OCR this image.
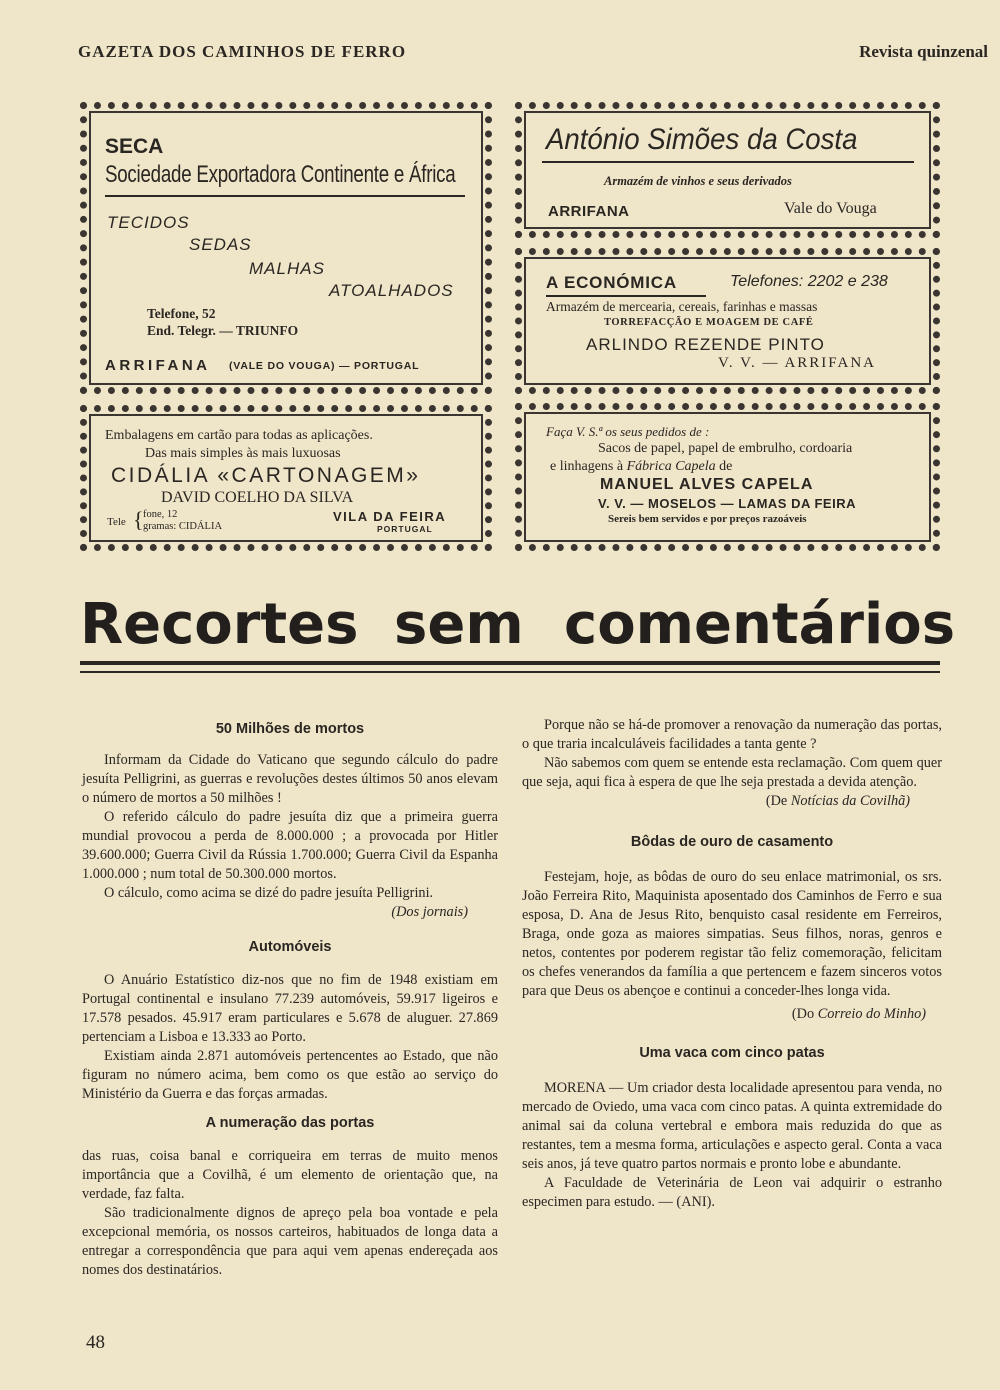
GAZETA DOS CAMINHOS DE FERRO	Revista quinzenal
SECA
Sociedade Exportadora Continente e África
TECIDOS
SEDAS
MALHAS
ATOALHADOS
Telefone, 52
End. Telegr. — TRIUNFO
ARRIFANA (VALE DO VOUGA) — PORTUGAL
Embalagens em cartão para todas as aplicações.
Das mais simples às mais luxuosas
CIDÁLIA «CARTONAGEM»
DAVID COELHO DA SILVA
Tele { fone, 12
gramas: CIDÁLIA
VILA DA FEIRA
PORTUGAL
António Simões da Costa
Armazém de vinhos e seus derivados
ARRIFANA	Vale do Vouga
A ECONÓMICA	Telefones: 2202 e 238
Armazém de mercearia, cereais, farinhas e massas
TORREFACÇÃO E MOAGEM DE CAFÉ
ARLINDO REZENDE PINTO
V. V. — ARRIFANA
Faça V. S.ª os seus pedidos de :
Sacos de papel, papel de embrulho, cordoaria
e linhagens à Fábrica Capela de
MANUEL ALVES CAPELA
V. V. — MOSELOS — LAMAS DA FEIRA
Sereis bem servidos e por preços razoáveis
Recortes sem comentários

50 Milhões de mortos

Informam da Cidade do Vaticano que segundo cálculo do padre jesuíta Pelligrini, as guerras e revoluções destes últimos 50 anos elevam o número de mortos a 50 milhões !

O referido cálculo do padre jesuíta diz que a primeira guerra mundial provocou a perda de 8.000.000 ; a provocada por Hitler 39.600.000; Guerra Civil da Rússia 1.700.000; Guerra Civil da Espanha 1.000.000 ; num total de 50.300.000 mortos.

O cálculo, como acima se dizé do padre jesuíta Pelligrini.

(Dos jornais)

Automóveis

O Anuário Estatístico diz-nos que no fim de 1948 existiam em Portugal continental e insulano 77.239 automóveis, 59.917 ligeiros e 17.578 pesados. 45.917 eram particulares e 5.678 de aluguer. 27.869 pertenciam a Lisboa e 13.333 ao Porto.

Existiam ainda 2.871 automóveis pertencentes ao Estado, que não figuram no número acima, bem como os que estão ao serviço do Ministério da Guerra e das forças armadas.

A numeração das portas

das ruas, coisa banal e corriqueira em terras de muito menos importância que a Covilhã, é um elemento de orientação que, na verdade, faz falta.

São tradicionalmente dignos de apreço pela boa vontade e pela excepcional memória, os nossos carteiros, habituados de longa data a entregar a correspondência que para aqui vem apenas endereçada aos nomes dos destinatários.

Porque não se há-de promover a renovação da numeração das portas, o que traria incalculáveis facilidades a tanta gente ?

Não sabemos com quem se entende esta reclamação. Com quem quer que seja, aqui fica à espera de que lhe seja prestada a devida atenção.

(De Notícias da Covilhã)

Bôdas de ouro de casamento

Festejam, hoje, as bôdas de ouro do seu enlace matrimonial, os srs. João Ferreira Rito, Maquinista aposentado dos Caminhos de Ferro e sua esposa, D. Ana de Jesus Rito, benquisto casal residente em Ferreiros, Braga, onde goza as maiores simpatias. Seus filhos, noras, genros e netos, contentes por poderem registar tão feliz comemoração, felicitam os chefes venerandos da família a que pertencem e fazem sinceros votos para que Deus os abençoe e continui a conceder-lhes longa vida.

(Do Correio do Minho)

Uma vaca com cinco patas

MORENA — Um criador desta localidade apresentou para venda, no mercado de Oviedo, uma vaca com cinco patas. A quinta extremidade do animal sai da coluna vertebral e embora mais reduzida do que as restantes, tem a mesma forma, articulações e aspecto geral. Conta a vaca seis anos, já teve quatro partos normais e pronto lobe e abundante.

A Faculdade de Veterinária de Leon vai adquirir o estranho especimen para estudo. — (ANI).

48
